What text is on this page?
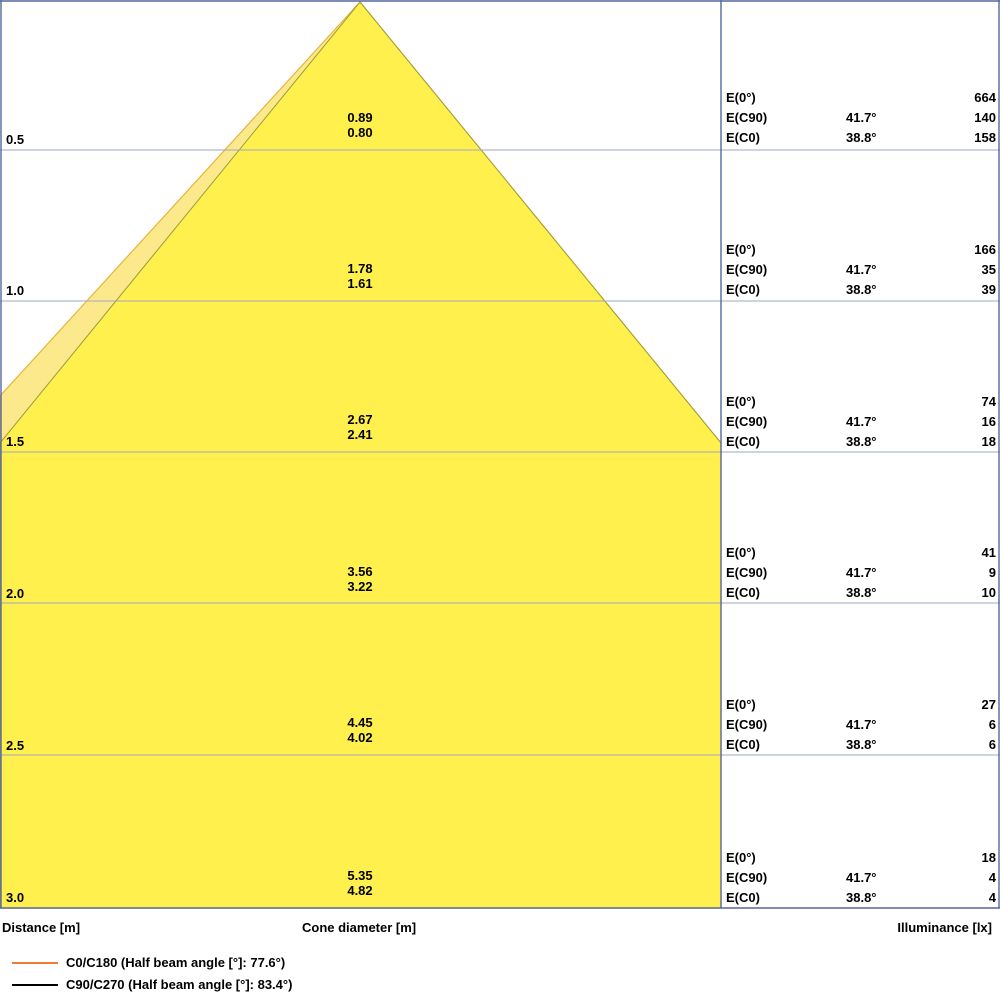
0.5
1.0
1.5
2.0
2.5
3.0
0.89
0.80
1.78
1.61
2.67
2.41
3.56
3.22
4.45
4.02
5.35
4.82
E(0°)	664
E(C90)	41.7°	140
E(C0)	38.8°	158
E(0°)	166
E(C90)	41.7°	35
E(C0)	38.8°	39
E(0°)	74
E(C90)	41.7°	16
E(C0)	38.8°	18
E(0°)	41
E(C90)	41.7°	9
E(C0)	38.8°	10
E(0°)	27
E(C90)	41.7°	6
E(C0)	38.8°	6
E(0°)	18
E(C90)	41.7°	4
E(C0)	38.8°	4
Distance [m]	Cone diameter [m]	Illuminance [lx]
C0/C180 (Half beam angle [°]: 77.6°)
C90/C270 (Half beam angle [°]: 83.4°)
